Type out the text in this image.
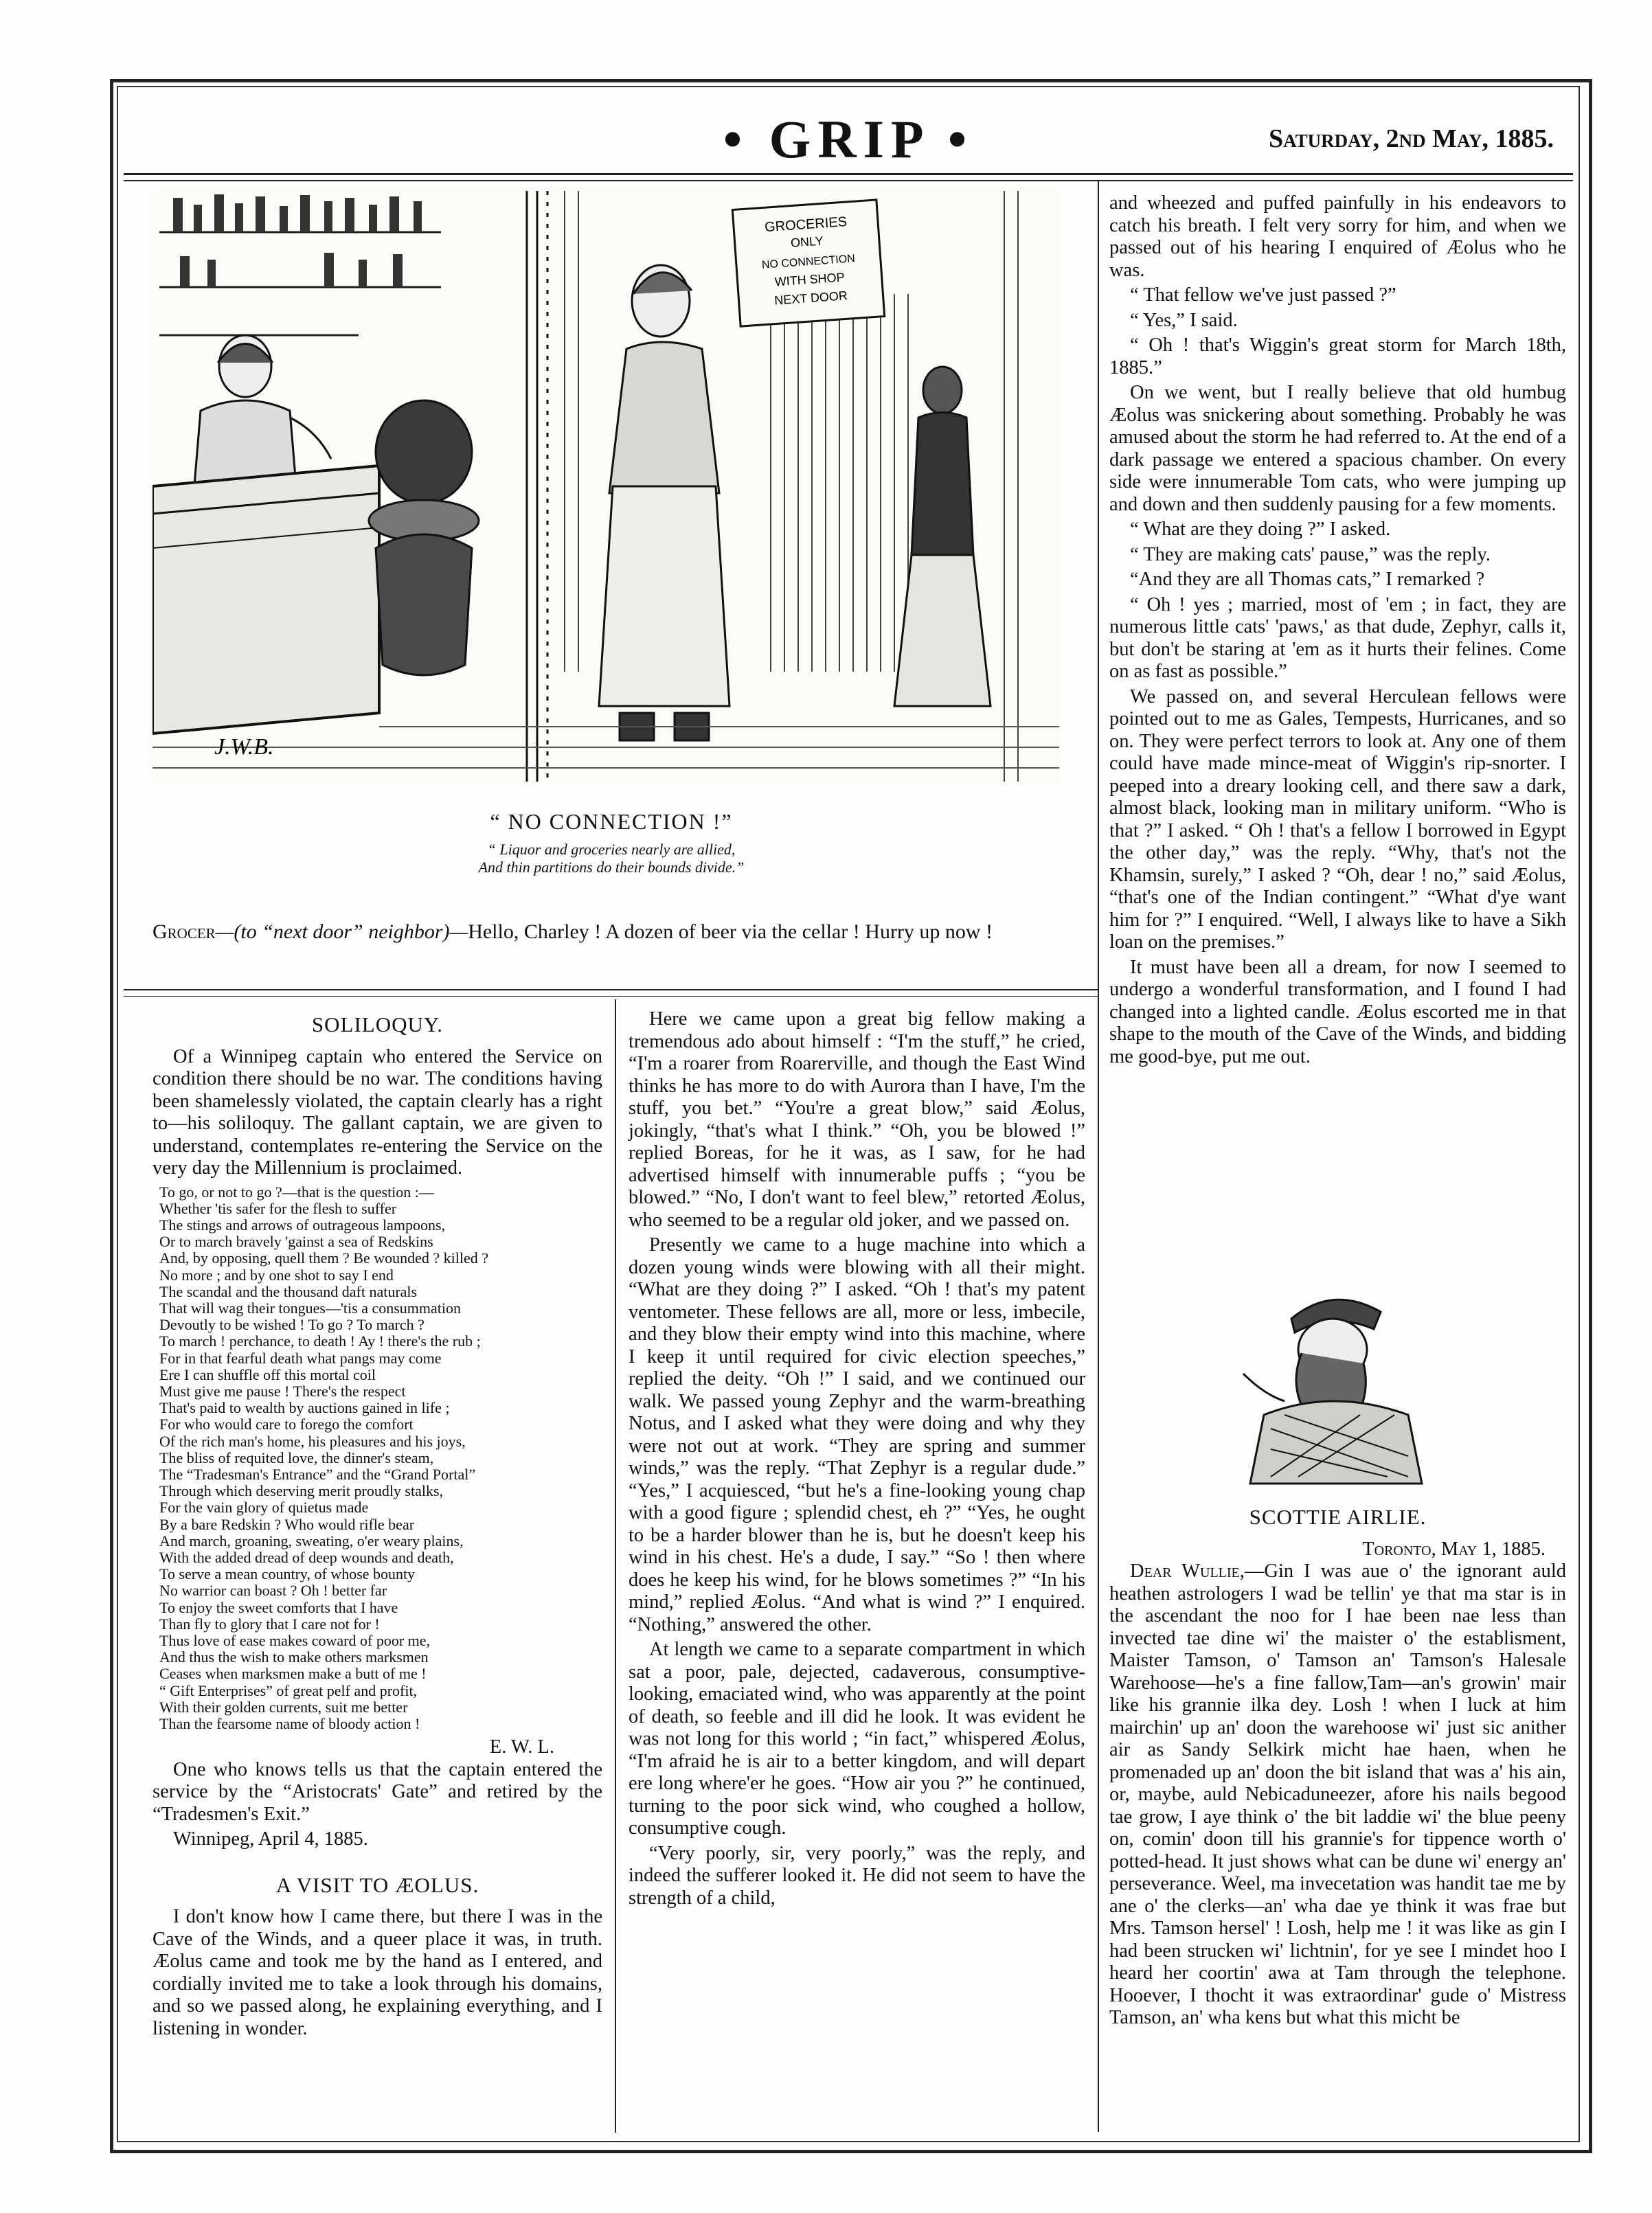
• GRIP •	Saturday, 2nd May, 1885.
GROCERIES
ONLY
NO CONNECTION
WITH SHOP
NEXT DOOR
J.W.B.
“ NO CONNECTION !”
“ Liquor and groceries nearly are allied,
And thin partitions do their bounds divide.”
Grocer—(to “next door” neighbor)—Hello, Charley ! A dozen of beer via the cellar ! Hurry up now !
SOLILOQUY.

Of a Winnipeg captain who entered the Service on condition there should be no war. The conditions having been shamelessly violated, the captain clearly has a right to—his soliloquy. The gallant captain, we are given to understand, contemplates re-entering the Service on the very day the Millennium is proclaimed.

To go, or not to go ?—that is the question :—
Whether 'tis safer for the flesh to suffer
The stings and arrows of outrageous lampoons,
Or to march bravely 'gainst a sea of Redskins
And, by opposing, quell them ? Be wounded ? killed ?
No more ; and by one shot to say I end
The scandal and the thousand daft naturals
That will wag their tongues—'tis a consummation
Devoutly to be wished ! To go ? To march ?
To march ! perchance, to death ! Ay ! there's the rub ;
For in that fearful death what pangs may come
Ere I can shuffle off this mortal coil
Must give me pause ! There's the respect
That's paid to wealth by auctions gained in life ;
For who would care to forego the comfort
Of the rich man's home, his pleasures and his joys,
The bliss of requited love, the dinner's steam,
The “Tradesman's Entrance” and the “Grand Portal”
Through which deserving merit proudly stalks,
For the vain glory of quietus made
By a bare Redskin ? Who would rifle bear
And march, groaning, sweating, o'er weary plains,
With the added dread of deep wounds and death,
To serve a mean country, of whose bounty
No warrior can boast ? Oh ! better far
To enjoy the sweet comforts that I have
Than fly to glory that I care not for !
Thus love of ease makes coward of poor me,
And thus the wish to make others marksmen
Ceases when marksmen make a butt of me !
“ Gift Enterprises” of great pelf and profit,
With their golden currents, suit me better
Than the fearsome name of bloody action !
E. W. L.

One who knows tells us that the captain entered the service by the “Aristocrats' Gate” and retired by the “Tradesmen's Exit.”

Winnipeg, April 4, 1885.

A VISIT TO ÆOLUS.

I don't know how I came there, but there I was in the Cave of the Winds, and a queer place it was, in truth. Æolus came and took me by the hand as I entered, and cordially invited me to take a look through his domains, and so we passed along, he explaining everything, and I listening in wonder.

Here we came upon a great big fellow making a tremendous ado about himself : “I'm the stuff,” he cried, “I'm a roarer from Roarerville, and though the East Wind thinks he has more to do with Aurora than I have, I'm the stuff, you bet.” “You're a great blow,” said Æolus, jokingly, “that's what I think.” “Oh, you be blowed !” replied Boreas, for he it was, as I saw, for he had advertised himself with innumerable puffs ; “you be blowed.” “No, I don't want to feel blew,” retorted Æolus, who seemed to be a regular old joker, and we passed on.

Presently we came to a huge machine into which a dozen young winds were blowing with all their might. “What are they doing ?” I asked. “Oh ! that's my patent ventometer. These fellows are all, more or less, imbecile, and they blow their empty wind into this machine, where I keep it until required for civic election speeches,” replied the deity. “Oh !” I said, and we continued our walk. We passed young Zephyr and the warm-breathing Notus, and I asked what they were doing and why they were not out at work. “They are spring and summer winds,” was the reply. “That Zephyr is a regular dude.” “Yes,” I acquiesced, “but he's a fine-looking young chap with a good figure ; splendid chest, eh ?” “Yes, he ought to be a harder blower than he is, but he doesn't keep his wind in his chest. He's a dude, I say.” “So ! then where does he keep his wind, for he blows sometimes ?” “In his mind,” replied Æolus. “And what is wind ?” I enquired. “Nothing,” answered the other.

At length we came to a separate compartment in which sat a poor, pale, dejected, cadaverous, consumptive-looking, emaciated wind, who was apparently at the point of death, so feeble and ill did he look. It was evident he was not long for this world ; “in fact,” whispered Æolus, “I'm afraid he is air to a better kingdom, and will depart ere long where'er he goes. “How air you ?” he continued, turning to the poor sick wind, who coughed a hollow, consumptive cough.

“Very poorly, sir, very poorly,” was the reply, and indeed the sufferer looked it. He did not seem to have the strength of a child,

and wheezed and puffed painfully in his endeavors to catch his breath. I felt very sorry for him, and when we passed out of his hearing I enquired of Æolus who he was.

“ That fellow we've just passed ?”

“ Yes,” I said.

“ Oh ! that's Wiggin's great storm for March 18th, 1885.”

On we went, but I really believe that old humbug Æolus was snickering about something. Probably he was amused about the storm he had referred to. At the end of a dark passage we entered a spacious chamber. On every side were innumerable Tom cats, who were jumping up and down and then suddenly pausing for a few moments.

“ What are they doing ?” I asked.

“ They are making cats' pause,” was the reply.

“And they are all Thomas cats,” I remarked ?

“ Oh ! yes ; married, most of 'em ; in fact, they are numerous little cats' 'paws,' as that dude, Zephyr, calls it, but don't be staring at 'em as it hurts their felines. Come on as fast as possible.”

We passed on, and several Herculean fellows were pointed out to me as Gales, Tempests, Hurricanes, and so on. They were perfect terrors to look at. Any one of them could have made mince-meat of Wiggin's rip-snorter. I peeped into a dreary looking cell, and there saw a dark, almost black, looking man in military uniform. “Who is that ?” I asked. “ Oh ! that's a fellow I borrowed in Egypt the other day,” was the reply. “Why, that's not the Khamsin, surely,” I asked ? “Oh, dear ! no,” said Æolus, “that's one of the Indian contingent.” “What d'ye want him for ?” I enquired. “Well, I always like to have a Sikh loan on the premises.”

It must have been all a dream, for now I seemed to undergo a wonderful transformation, and I found I had changed into a lighted candle. Æolus escorted me in that shape to the mouth of the Cave of the Winds, and bidding me good-bye, put me out.

SCOTTIE AIRLIE.
Toronto, May 1, 1885.

Dear Wullie,—Gin I was aue o' the ignorant auld heathen astrologers I wad be tellin' ye that ma star is in the ascendant the noo for I hae been nae less than invected tae dine wi' the maister o' the establisment, Maister Tamson, o' Tamson an' Tamson's Halesale Warehoose—he's a fine fallow,Tam—an's growin' mair like his grannie ilka dey. Losh ! when I luck at him mairchin' up an' doon the warehoose wi' just sic anither air as Sandy Selkirk micht hae haen, when he promenaded up an' doon the bit island that was a' his ain, or, maybe, auld Nebicaduneezer, afore his nails begood tae grow, I aye think o' the bit laddie wi' the blue peeny on, comin' doon till his grannie's for tippence worth o' potted-head. It just shows what can be dune wi' energy an' perseverance. Weel, ma invecetation was handit tae me by ane o' the clerks—an' wha dae ye think it was frae but Mrs. Tamson hersel' ! Losh, help me ! it was like as gin I had been strucken wi' lichtnin', for ye see I mindet hoo I heard her coortin' awa at Tam through the telephone. Hooever, I thocht it was extraordinar' gude o' Mistress Tamson, an' wha kens but what this micht be
